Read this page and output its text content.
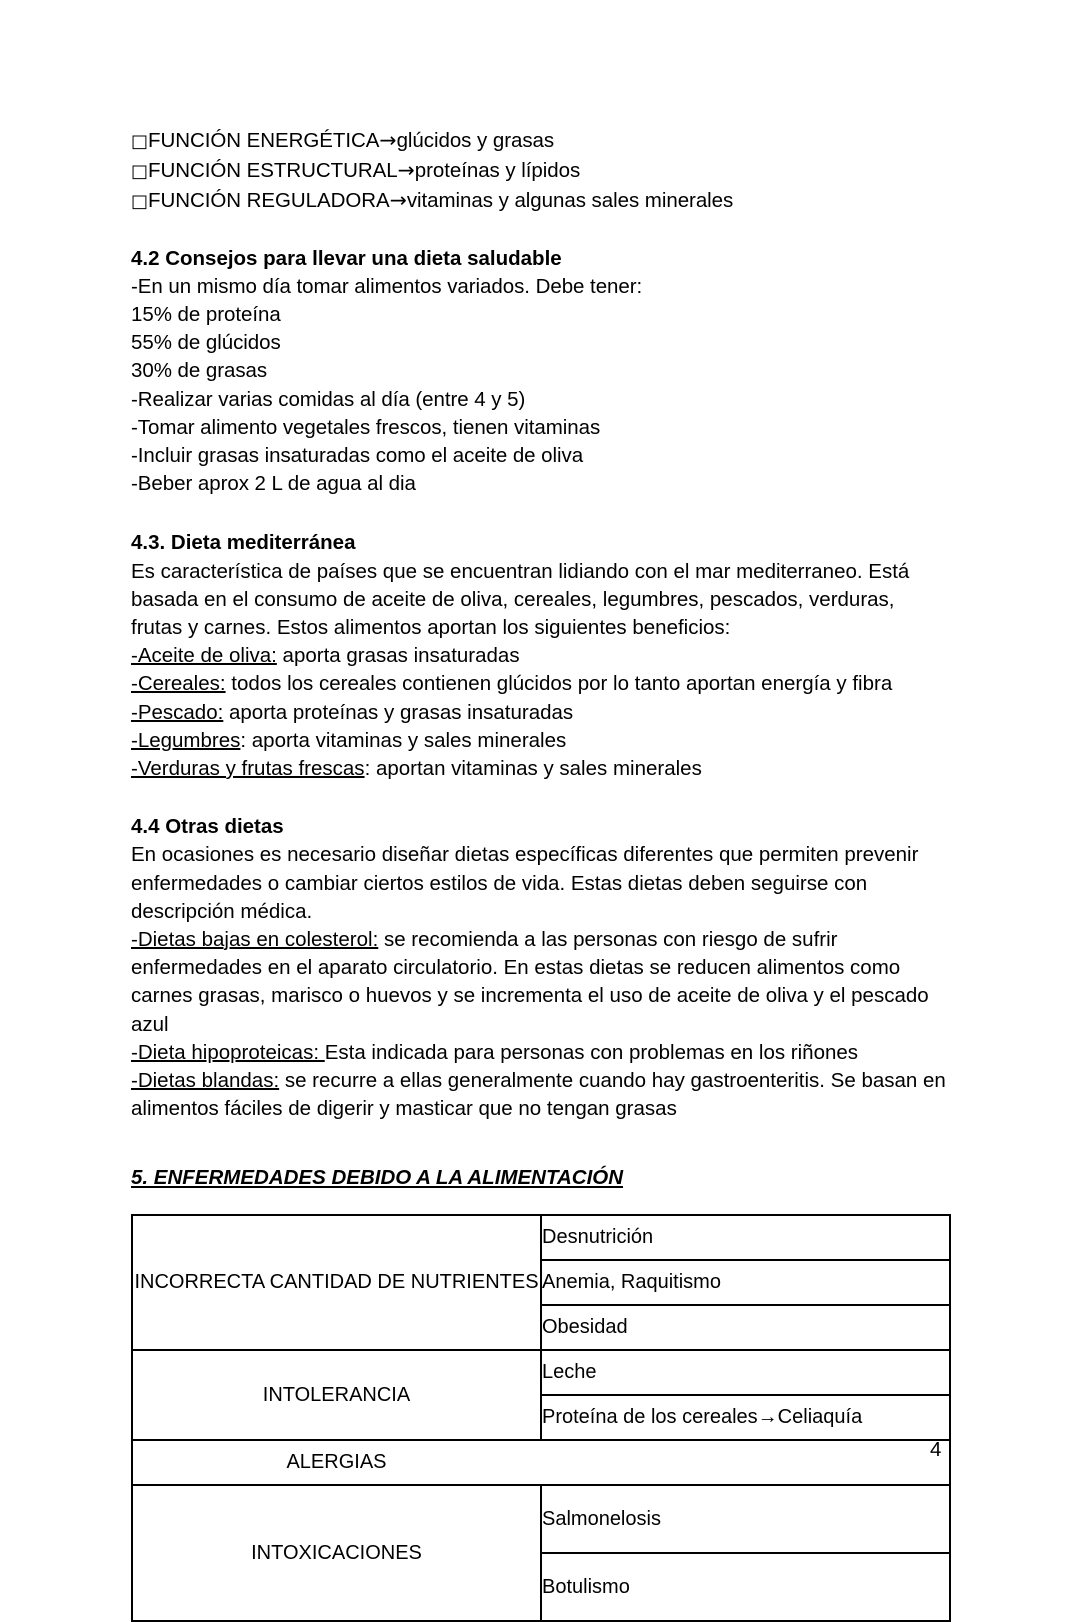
□FUNCIÓN ENERGÉTICA→glúcidos y grasas
□FUNCIÓN ESTRUCTURAL→proteínas y lípidos
□FUNCIÓN REGULADORA→vitaminas y algunas sales minerales
4.2 Consejos para llevar una dieta saludable
-En un mismo día tomar alimentos variados. Debe tener:
15% de proteína
55% de glúcidos
30% de grasas
-Realizar varias comidas al día (entre 4 y 5)
-Tomar alimento vegetales frescos, tienen vitaminas
-Incluir grasas insaturadas como el aceite de oliva
-Beber aprox 2 L de agua al dia
4.3. Dieta mediterránea
Es característica de países que se encuentran lidiando con el mar mediterraneo. Está basada en el consumo de aceite de oliva, cereales, legumbres, pescados, verduras, frutas y carnes. Estos alimentos aportan los siguientes beneficios:
-Aceite de oliva: aporta grasas insaturadas
-Cereales: todos los cereales contienen glúcidos por lo tanto aportan energía y fibra
-Pescado: aporta proteínas y grasas insaturadas
-Legumbres: aporta vitaminas y sales minerales
-Verduras y frutas frescas: aportan vitaminas y sales minerales
4.4 Otras dietas
En ocasiones es necesario diseñar dietas específicas diferentes que permiten prevenir enfermedades o cambiar ciertos estilos de vida. Estas dietas deben seguirse con descripción médica.
-Dietas bajas en colesterol: se recomienda a las personas con riesgo de sufrir enfermedades en el aparato circulatorio. En estas dietas se reducen alimentos como carnes grasas, marisco o huevos y se incrementa el uso de aceite de oliva y el pescado azul
-Dieta hipoproteicas: Esta indicada para personas con problemas en los riñones
-Dietas blandas: se recurre a ellas generalmente cuando hay gastroenteritis. Se basan en alimentos fáciles de digerir y masticar que no tengan grasas
5. ENFERMEDADES DEBIDO A LA ALIMENTACIÓN
INCORRECTA CANTIDAD DE NUTRIENTES	Desnutrición
	Anemia, Raquitismo
	Obesidad
INTOLERANCIA	Leche
	Proteína de los cereales→Celiaquía

ALERGIAS	

INTOXICACIONES	Salmonelosis
	Botulismo
4
